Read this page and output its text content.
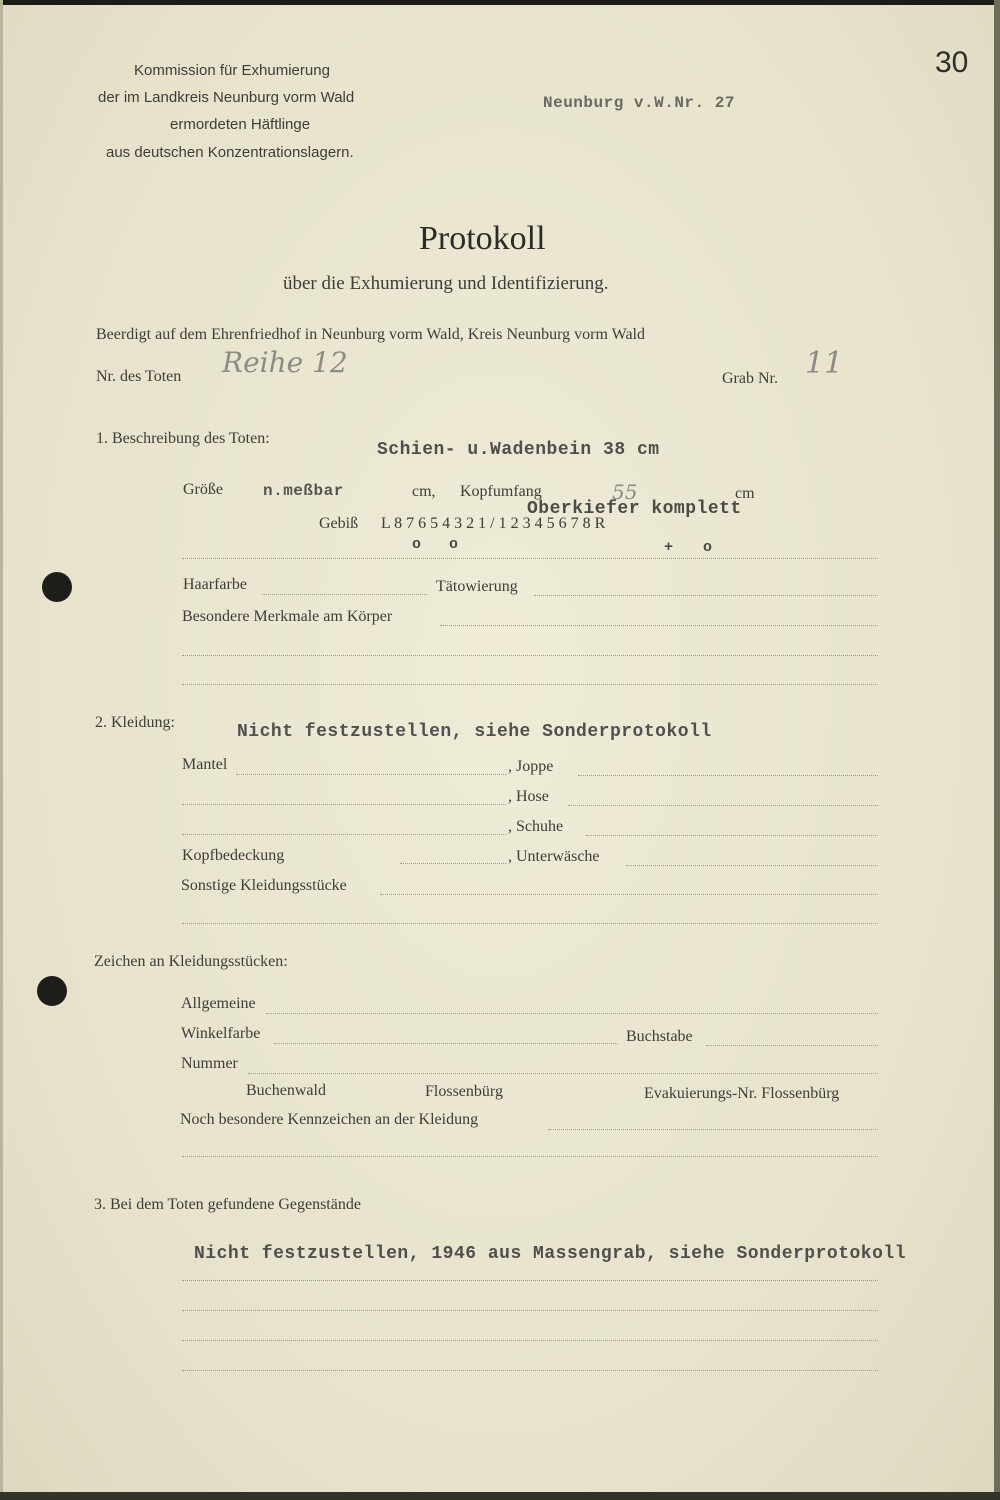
Kommission für Exhumierung
der im Landkreis Neunburg vorm Wald
ermordeten Häftlinge
aus deutschen Konzentrationslagern.
Neunburg v.W.Nr. 27
30
Protokoll
über die Exhumierung und Identifizierung.
Beerdigt auf dem Ehrenfriedhof in Neunburg vorm Wald, Kreis Neunburg vorm Wald
Nr. des Toten Reihe 12	Grab Nr. 11
1. Beschreibung des Toten:
Schien- u.Wadenbein 38 cm
Größe	n.meßbar	cm, Kopfumfang	55	cm
Gebiß L 8 7 6 5 4 3 2 1 / 1 2 3 4 5 6 7 8 R
Oberkiefer komplett
o o	+ o
Haarfarbe	Tätowierung
Besondere Merkmale am Körper
2. Kleidung:	Nicht festzustellen, siehe Sonderprotokoll
Mantel	, Joppe
, Hose
, Schuhe
Kopfbedeckung	, Unterwäsche
Sonstige Kleidungsstücke
Zeichen an Kleidungsstücken:
Allgemeine
Winkelfarbe	Buchstabe
Nummer
Buchenwald	Flossenbürg	Evakuierungs-Nr. Flossenbürg
Noch besondere Kennzeichen an der Kleidung
3. Bei dem Toten gefundene Gegenstände
Nicht festzustellen, 1946 aus Massengrab, siehe Sonderprotokoll
